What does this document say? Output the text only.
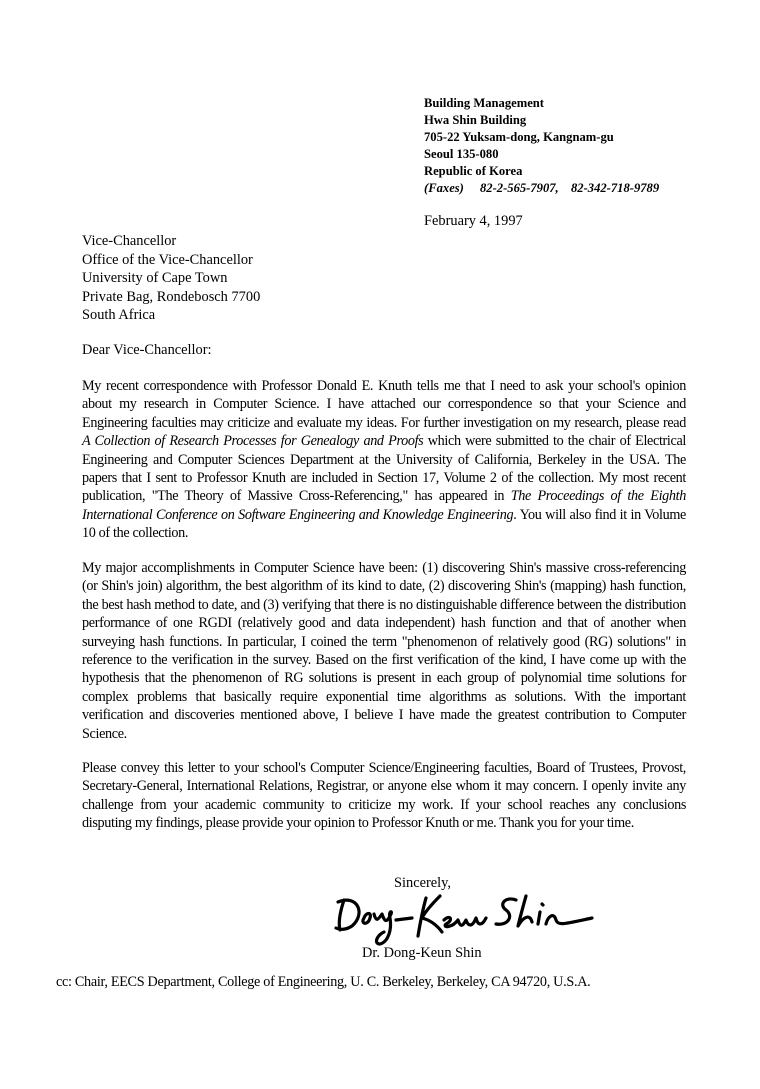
Building Management
Hwa Shin Building
705-22 Yuksam-dong, Kangnam-gu
Seoul 135-080
Republic of Korea
(Faxes) 82-2-565-7907, 82-342-718-9789
February 4, 1997
Vice-Chancellor
Office of the Vice-Chancellor
University of Cape Town
Private Bag, Rondebosch 7700
South Africa
Dear Vice-Chancellor:
My recent correspondence with Professor Donald E. Knuth tells me that I need to ask your school's opinion about my research in Computer Science. I have attached our correspondence so that your Science and Engineering faculties may criticize and evaluate my ideas. For further investigation on my research, please read A Collection of Research Processes for Genealogy and Proofs which were submitted to the chair of Electrical Engineering and Computer Sciences Department at the University of California, Berkeley in the USA. The papers that I sent to Professor Knuth are included in Section 17, Volume 2 of the collection. My most recent publication, "The Theory of Massive Cross-Referencing," has appeared in The Proceedings of the Eighth International Conference on Software Engineering and Knowledge Engineering. You will also find it in Volume 10 of the collection.
My major accomplishments in Computer Science have been: (1) discovering Shin's massive cross-referencing (or Shin's join) algorithm, the best algorithm of its kind to date, (2) discovering Shin's (mapping) hash function, the best hash method to date, and (3) verifying that there is no distinguishable difference between the distribution performance of one RGDI (relatively good and data independent) hash function and that of another when surveying hash functions. In particular, I coined the term "phenomenon of relatively good (RG) solutions" in reference to the verification in the survey. Based on the first verification of the kind, I have come up with the hypothesis that the phenomenon of RG solutions is present in each group of polynomial time solutions for complex problems that basically require exponential time algorithms as solutions. With the important verification and discoveries mentioned above, I believe I have made the greatest contribution to Computer Science.
Please convey this letter to your school's Computer Science/Engineering faculties, Board of Trustees, Provost, Secretary-General, International Relations, Registrar, or anyone else whom it may concern. I openly invite any challenge from your academic community to criticize my work. If your school reaches any conclusions disputing my findings, please provide your opinion to Professor Knuth or me. Thank you for your time.
Sincerely,
Dr. Dong-Keun Shin
cc: Chair, EECS Department, College of Engineering, U. C. Berkeley, Berkeley, CA 94720, U.S.A.
